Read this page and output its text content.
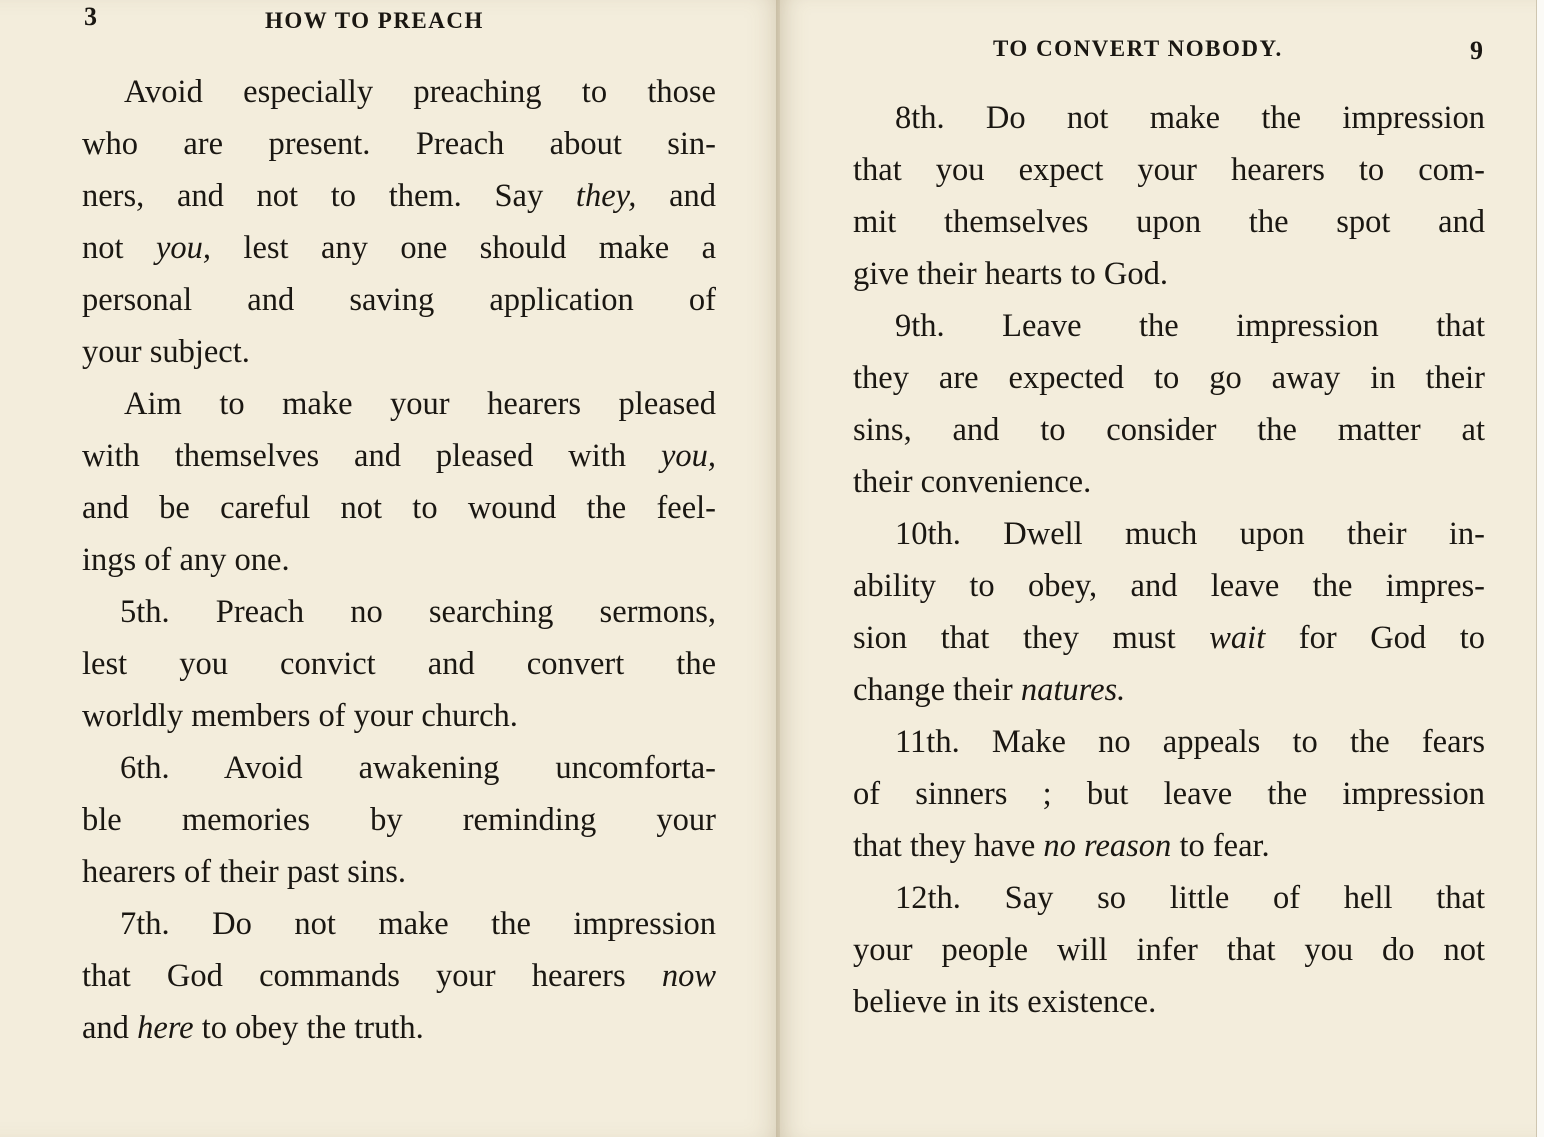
3	HOW TO PREACH

Avoid especially preaching to those
who are present. Preach about sin-
ners, and not to them. Say they, and
not you, lest any one should make a
personal and saving application of
your subject.

Aim to make your hearers pleased
with themselves and pleased with you,
and be careful not to wound the feel-
ings of any one.

5th. Preach no searching sermons,
lest you convict and convert the
worldly members of your church.

6th. Avoid awakening uncomforta-
ble memories by reminding your
hearers of their past sins.

7th. Do not make the impression
that God commands your hearers now
and here to obey the truth.

TO CONVERT NOBODY.	9

8th. Do not make the impression
that you expect your hearers to com-
mit themselves upon the spot and
give their hearts to God.

9th. Leave the impression that
they are expected to go away in their
sins, and to consider the matter at
their convenience.

10th. Dwell much upon their in-
ability to obey, and leave the impres-
sion that they must wait for God to
change their natures.

11th. Make no appeals to the fears
of sinners ; but leave the impression
that they have no reason to fear.

12th. Say so little of hell that
your people will infer that you do not
believe in its existence.
